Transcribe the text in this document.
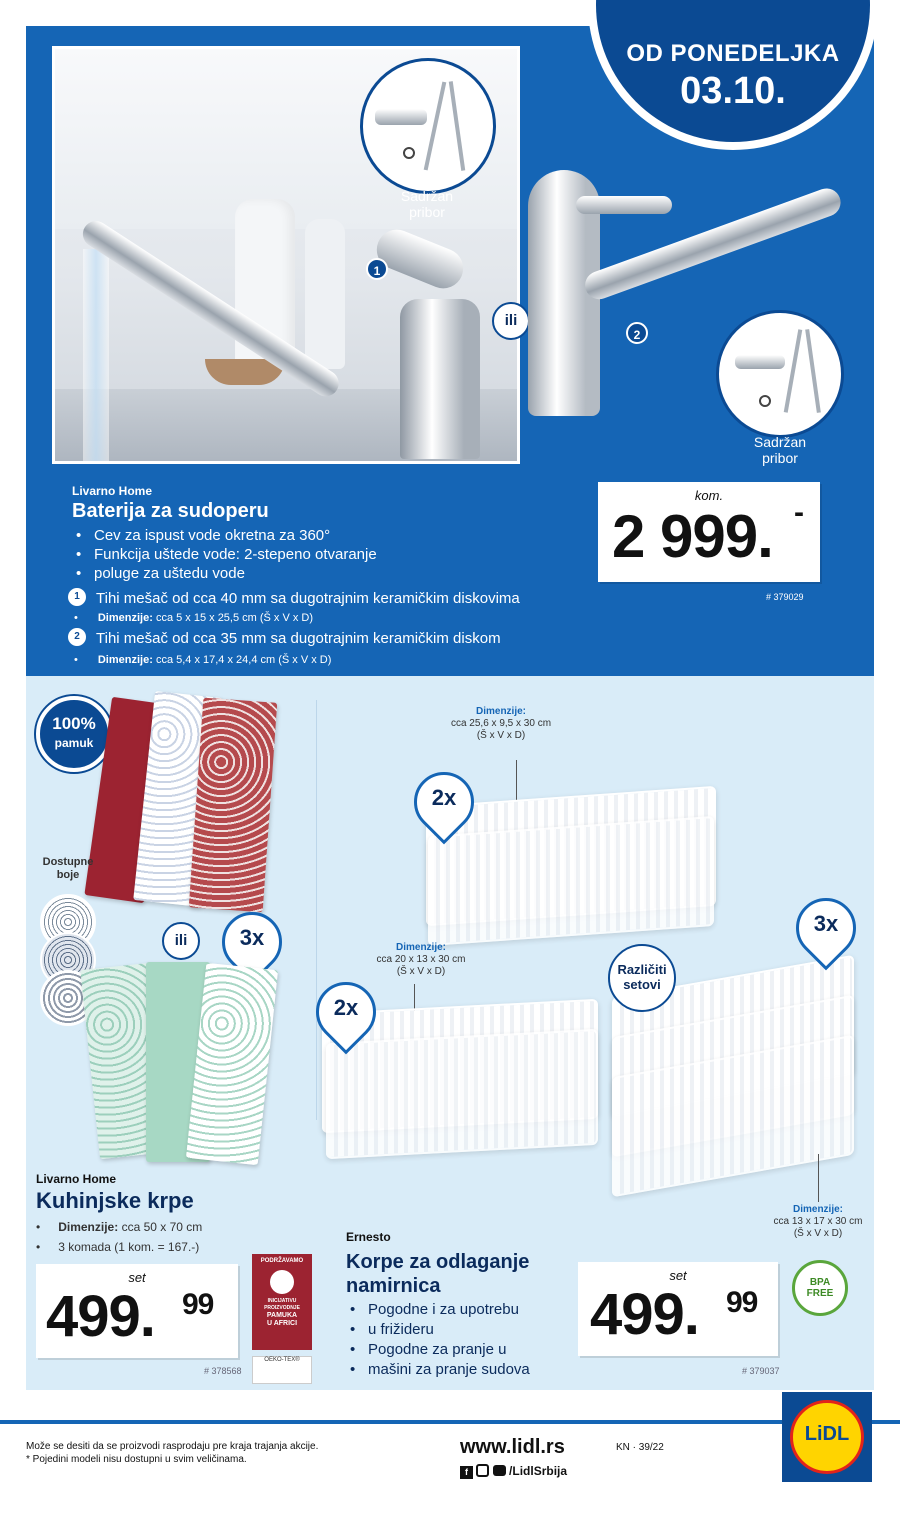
Sadržan
pribor
1
ili
2
Sadržan
pribor
Livarno Home
Baterija za sudoperu
• Cev za ispust vode okretna za 360°
• Funkcija uštede vode: 2-stepeno otvaranje
• poluge za uštedu vode
1	Tihi mešač od cca 40 mm sa dugotrajnim keramičkim diskovima
• Dimenzije: cca 5 x 15 x 25,5 cm (Š x V x D)
2	Tihi mešač od cca 35 mm sa dugotrajnim keramičkim diskom
• Dimenzije: cca 5,4 x 17,4 x 24,4 cm (Š x V x D)
kom.
2 999. -
# 379029
OD PONEDELJKA
03.10.
100%
pamuk
Dostupne
boje
ili	3x
Livarno Home
Kuhinjske krpe
• Dimenzije: cca 50 x 70 cm
• 3 komada (1 kom. = 167.-)
set
499. 99
# 378568
PODRŽAVAMO
INICIJATIVU
PROIZVODNJE
PAMUKA
U AFRICI
OEKO-TEX®
Dimenzije:
cca 25,6 x 9,5 x 30 cm
(Š x V x D)
2x
Dimenzije:
cca 20 x 13 x 30 cm
(Š x V x D)
2x
3x
Različiti
setovi
Dimenzije:
cca 13 x 17 x 30 cm
(Š x V x D)
Ernesto
Korpe za odlaganje
namirnica
• Pogodne i za upotrebu
• u frižideru
• Pogodne za pranje u
• mašini za pranje sudova
set
499. 99
# 379037
BPA
FREE
Može se desiti da se proizvodi rasprodaju pre kraja trajanja akcije.
* Pojedini modeli nisu dostupni u svim veličinama.
www.lidl.rs
f	/LidlSrbija
KN · 39/22
LiDL
